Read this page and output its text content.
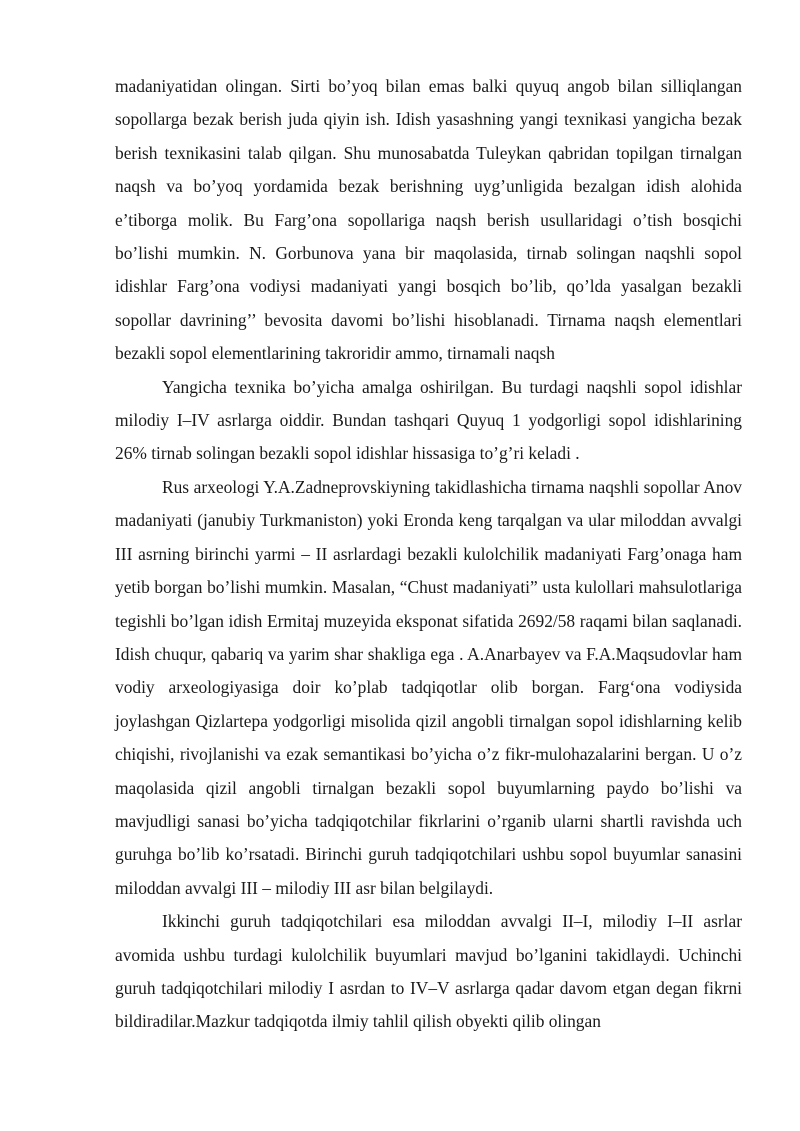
madaniyatidan olingan. Sirti bo’yoq bilan emas balki quyuq angob bilan silliqlangan sopollarga bezak berish juda qiyin ish. Idish yasashning yangi texnikasi yangicha bezak berish texnikasini talab qilgan. Shu munosabatda Tuleykan qabridan topilgan tirnalgan naqsh va bo’yoq yordamida bezak berishning uyg’unligida bezalgan idish alohida e’tiborga molik. Bu Farg’ona sopollariga naqsh berish usullaridagi o’tish bosqichi bo’lishi mumkin. N. Gorbunova yana bir maqolasida, tirnab solingan naqshli sopol idishlar Farg’ona vodiysi madaniyati yangi bosqich bo’lib, qo’lda yasalgan bezakli sopollar davrining’’ bevosita davomi bo’lishi hisoblanadi. Tirnama naqsh elementlari bezakli sopol elementlarining takroridir ammo, tirnamali naqsh

Yangicha texnika bo’yicha amalga oshirilgan. Bu turdagi naqshli sopol idishlar milodiy I–IV asrlarga oiddir. Bundan tashqari Quyuq 1 yodgorligi sopol idishlarining 26% tirnab solingan bezakli sopol idishlar hissasiga to’g’ri keladi .

Rus arxeologi Y.A.Zadneprovskiyning takidlashicha tirnama naqshli sopollar Anov madaniyati (janubiy Turkmaniston) yoki Eronda keng tarqalgan va ular miloddan avvalgi III asrning birinchi yarmi – II asrlardagi bezakli kulolchilik madaniyati Farg’onaga ham yetib borgan bo’lishi mumkin. Masalan, “Chust madaniyati” usta kulollari mahsulotlariga tegishli bo’lgan idish Ermitaj muzeyida eksponat sifatida 2692/58 raqami bilan saqlanadi. Idish chuqur, qabariq va yarim shar shakliga ega . A.Anarbayev va F.A.Maqsudovlar ham vodiy arxeologiyasiga doir ko’plab tadqiqotlar olib borgan. Farg‘ona vodiysida joylashgan Qizlartepa yodgorligi misolida qizil angobli tirnalgan sopol idishlarning kelib chiqishi, rivojlanishi va ezak semantikasi bo’yicha o’z fikr-mulohazalarini bergan. U o’z maqolasida qizil angobli tirnalgan bezakli sopol buyumlarning paydo bo’lishi va mavjudligi sanasi bo’yicha tadqiqotchilar fikrlarini o’rganib ularni shartli ravishda uch guruhga bo’lib ko’rsatadi. Birinchi guruh tadqiqotchilari ushbu sopol buyumlar sanasini miloddan avvalgi III – milodiy III asr bilan belgilaydi.

Ikkinchi guruh tadqiqotchilari esa miloddan avvalgi II–I, milodiy I–II asrlar avomida ushbu turdagi kulolchilik buyumlari mavjud bo’lganini takidlaydi. Uchinchi guruh tadqiqotchilari milodiy I asrdan to IV–V asrlarga qadar davom etgan degan fikrni bildiradilar.Mazkur tadqiqotda ilmiy tahlil qilish obyekti qilib olingan
